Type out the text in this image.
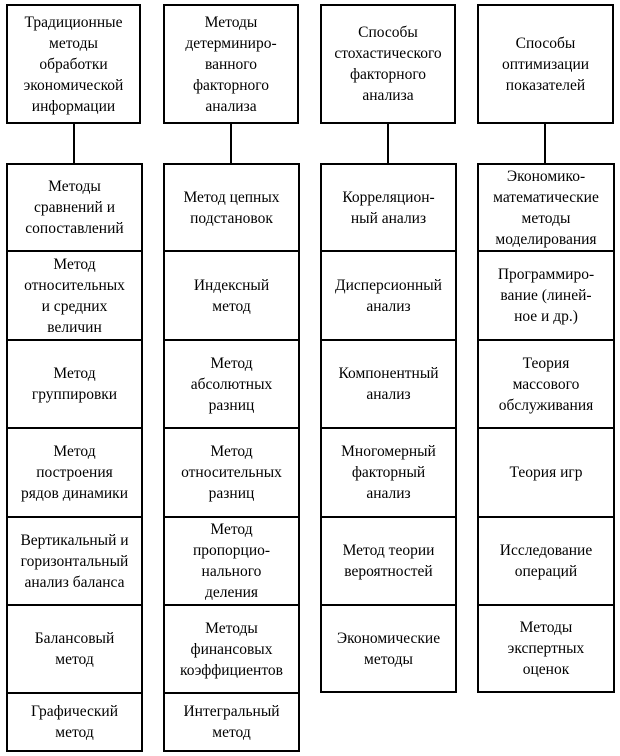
Традиционные
методы
обработки
экономической
информации
Методы
сравнений и
сопоставлений
Метод
относительных
и средних
величин
Метод
группировки
Метод
построения
рядов динамики
Вертикальный и
горизонтальный
анализ баланса
Балансовый
метод
Графический
метод
Методы
детерминиро-
ванного
факторного
анализа
Метод цепных
подстановок
Индексный
метод
Метод
абсолютных
разниц
Метод
относительных
разниц
Метод
пропорцио-
нального
деления
Методы
финансовых
коэффициентов
Интегральный
метод
Способы
стохастического
факторного
анализа
Корреляцион-
ный анализ
Дисперсионный
анализ
Компонентный
анализ
Многомерный
факторный
анализ
Метод теории
вероятностей
Экономические
методы
Способы
оптимизации
показателей
Экономико-
математические
методы
моделирования
Программиро-
вание (линей-
ное и др.)
Теория
массового
обслуживания
Теория игр
Исследование
операций
Методы
экспертных
оценок
